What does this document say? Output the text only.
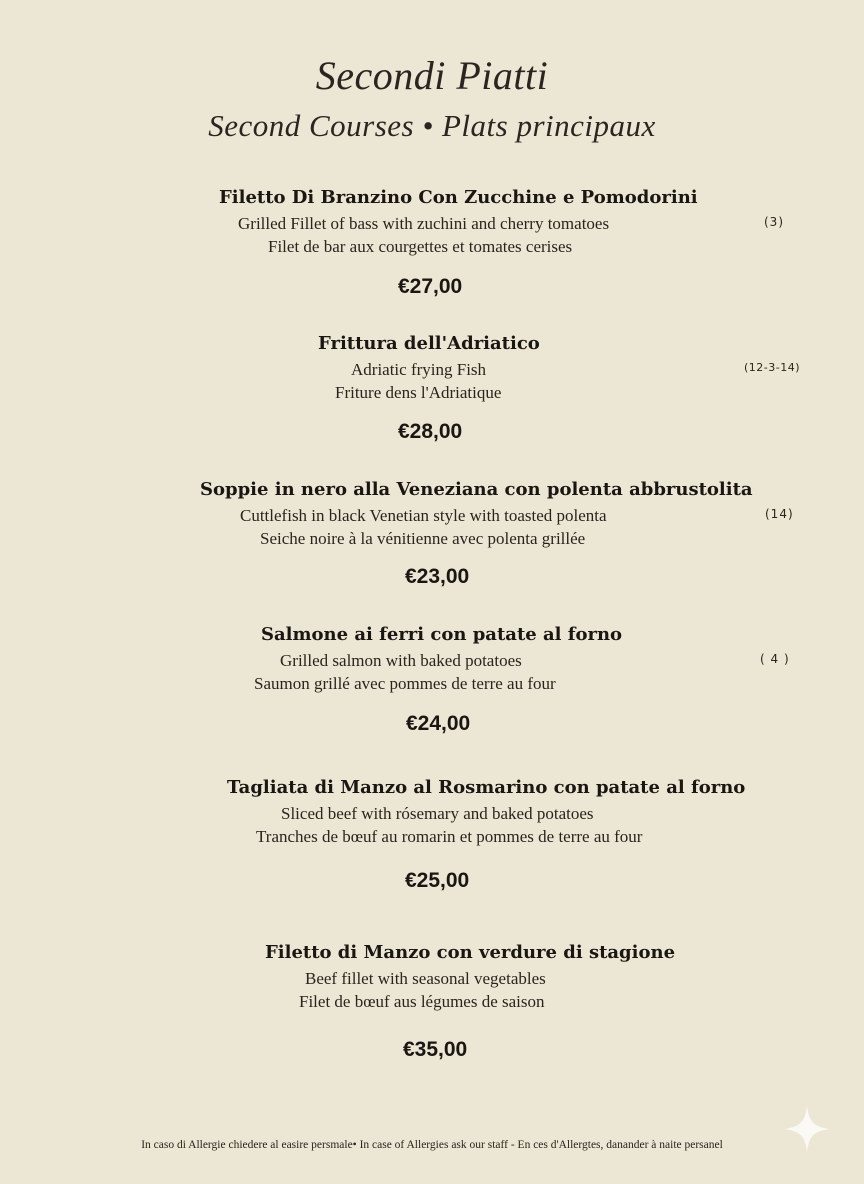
Secondi Piatti
Second Courses • Plats principaux
Filetto Di Branzino Con Zucchine e Pomodorini
Grilled Fillet of bass with zuchini and cherry tomatoes
Filet de bar aux courgettes et tomates cerises
(3)
€27,00
Frittura dell'Adriatico
Adriatic frying Fish
Friture dens l'Adriatique
(12-3-14)
€28,00
Soppie in nero alla Veneziana con polenta abbrustolita
Cuttlefish in black Venetian style with toasted polenta
Seiche noire à la vénitienne avec polenta grillée
(14)
€23,00
Salmone ai ferri con patate al forno
Grilled salmon with baked potatoes
Saumon grillé avec pommes de terre au four
( 4 )
€24,00
Tagliata di Manzo al Rosmarino con patate al forno
Sliced beef with rósemary and baked potatoes
Tranches de bœuf au romarin et pommes de terre au four
€25,00
Filetto di Manzo con verdure di stagione
Beef fillet with seasonal vegetables
Filet de bœuf aus légumes de saison
€35,00
In caso di Allergie chiedere al easire persmale• In case of Allergies ask our staff - En ces d'Allergtes, danander à naite persanel
